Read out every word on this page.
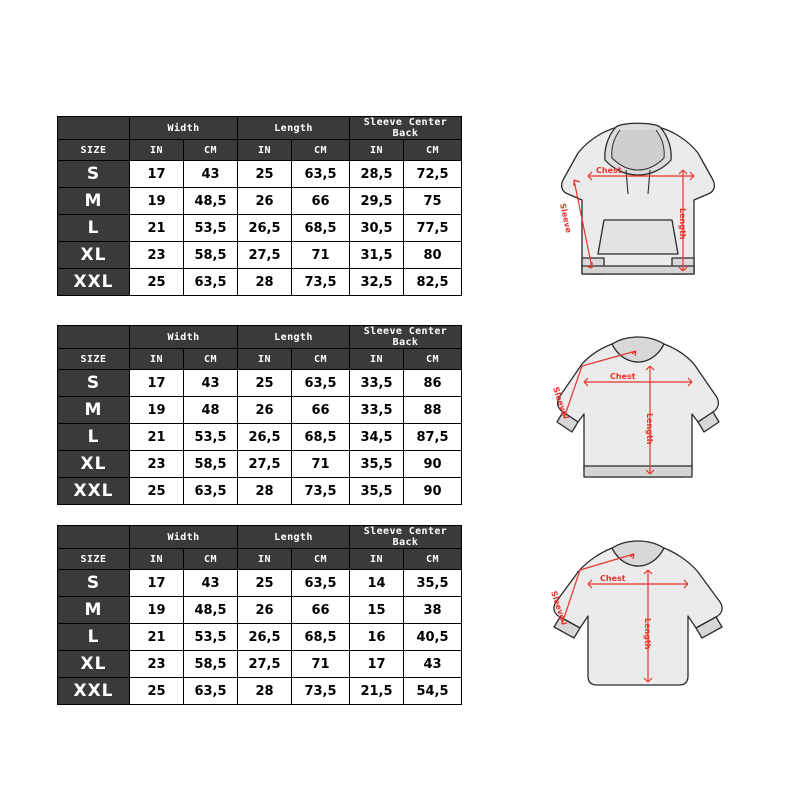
	Width		Length		Sleeve Center Back	
SIZE	IN	CM	IN	CM	IN	CM
S	17	43	25	63,5	28,5	72,5
M	19	48,5	26	66	29,5	75
L	21	53,5	26,5	68,5	30,5	77,5
XL	23	58,5	27,5	71	31,5	80
XXL	25	63,5	28	73,5	32,5	82,5
	Width		Length		Sleeve Center Back	
SIZE	IN	CM	IN	CM	IN	CM
S	17	43	25	63,5	33,5	86
M	19	48	26	66	33,5	88
L	21	53,5	26,5	68,5	34,5	87,5
XL	23	58,5	27,5	71	35,5	90
XXL	25	63,5	28	73,5	35,5	90
	Width		Length		Sleeve Center Back	
SIZE	IN	CM	IN	CM	IN	CM
S	17	43	25	63,5	14	35,5
M	19	48,5	26	66	15	38
L	21	53,5	26,5	68,5	16	40,5
XL	23	58,5	27,5	71	17	43
XXL	25	63,5	28	73,5	21,5	54,5
Chest
Length
Sleeve
Chest
Length
Sleeve
Chest
Length
Sleeve
